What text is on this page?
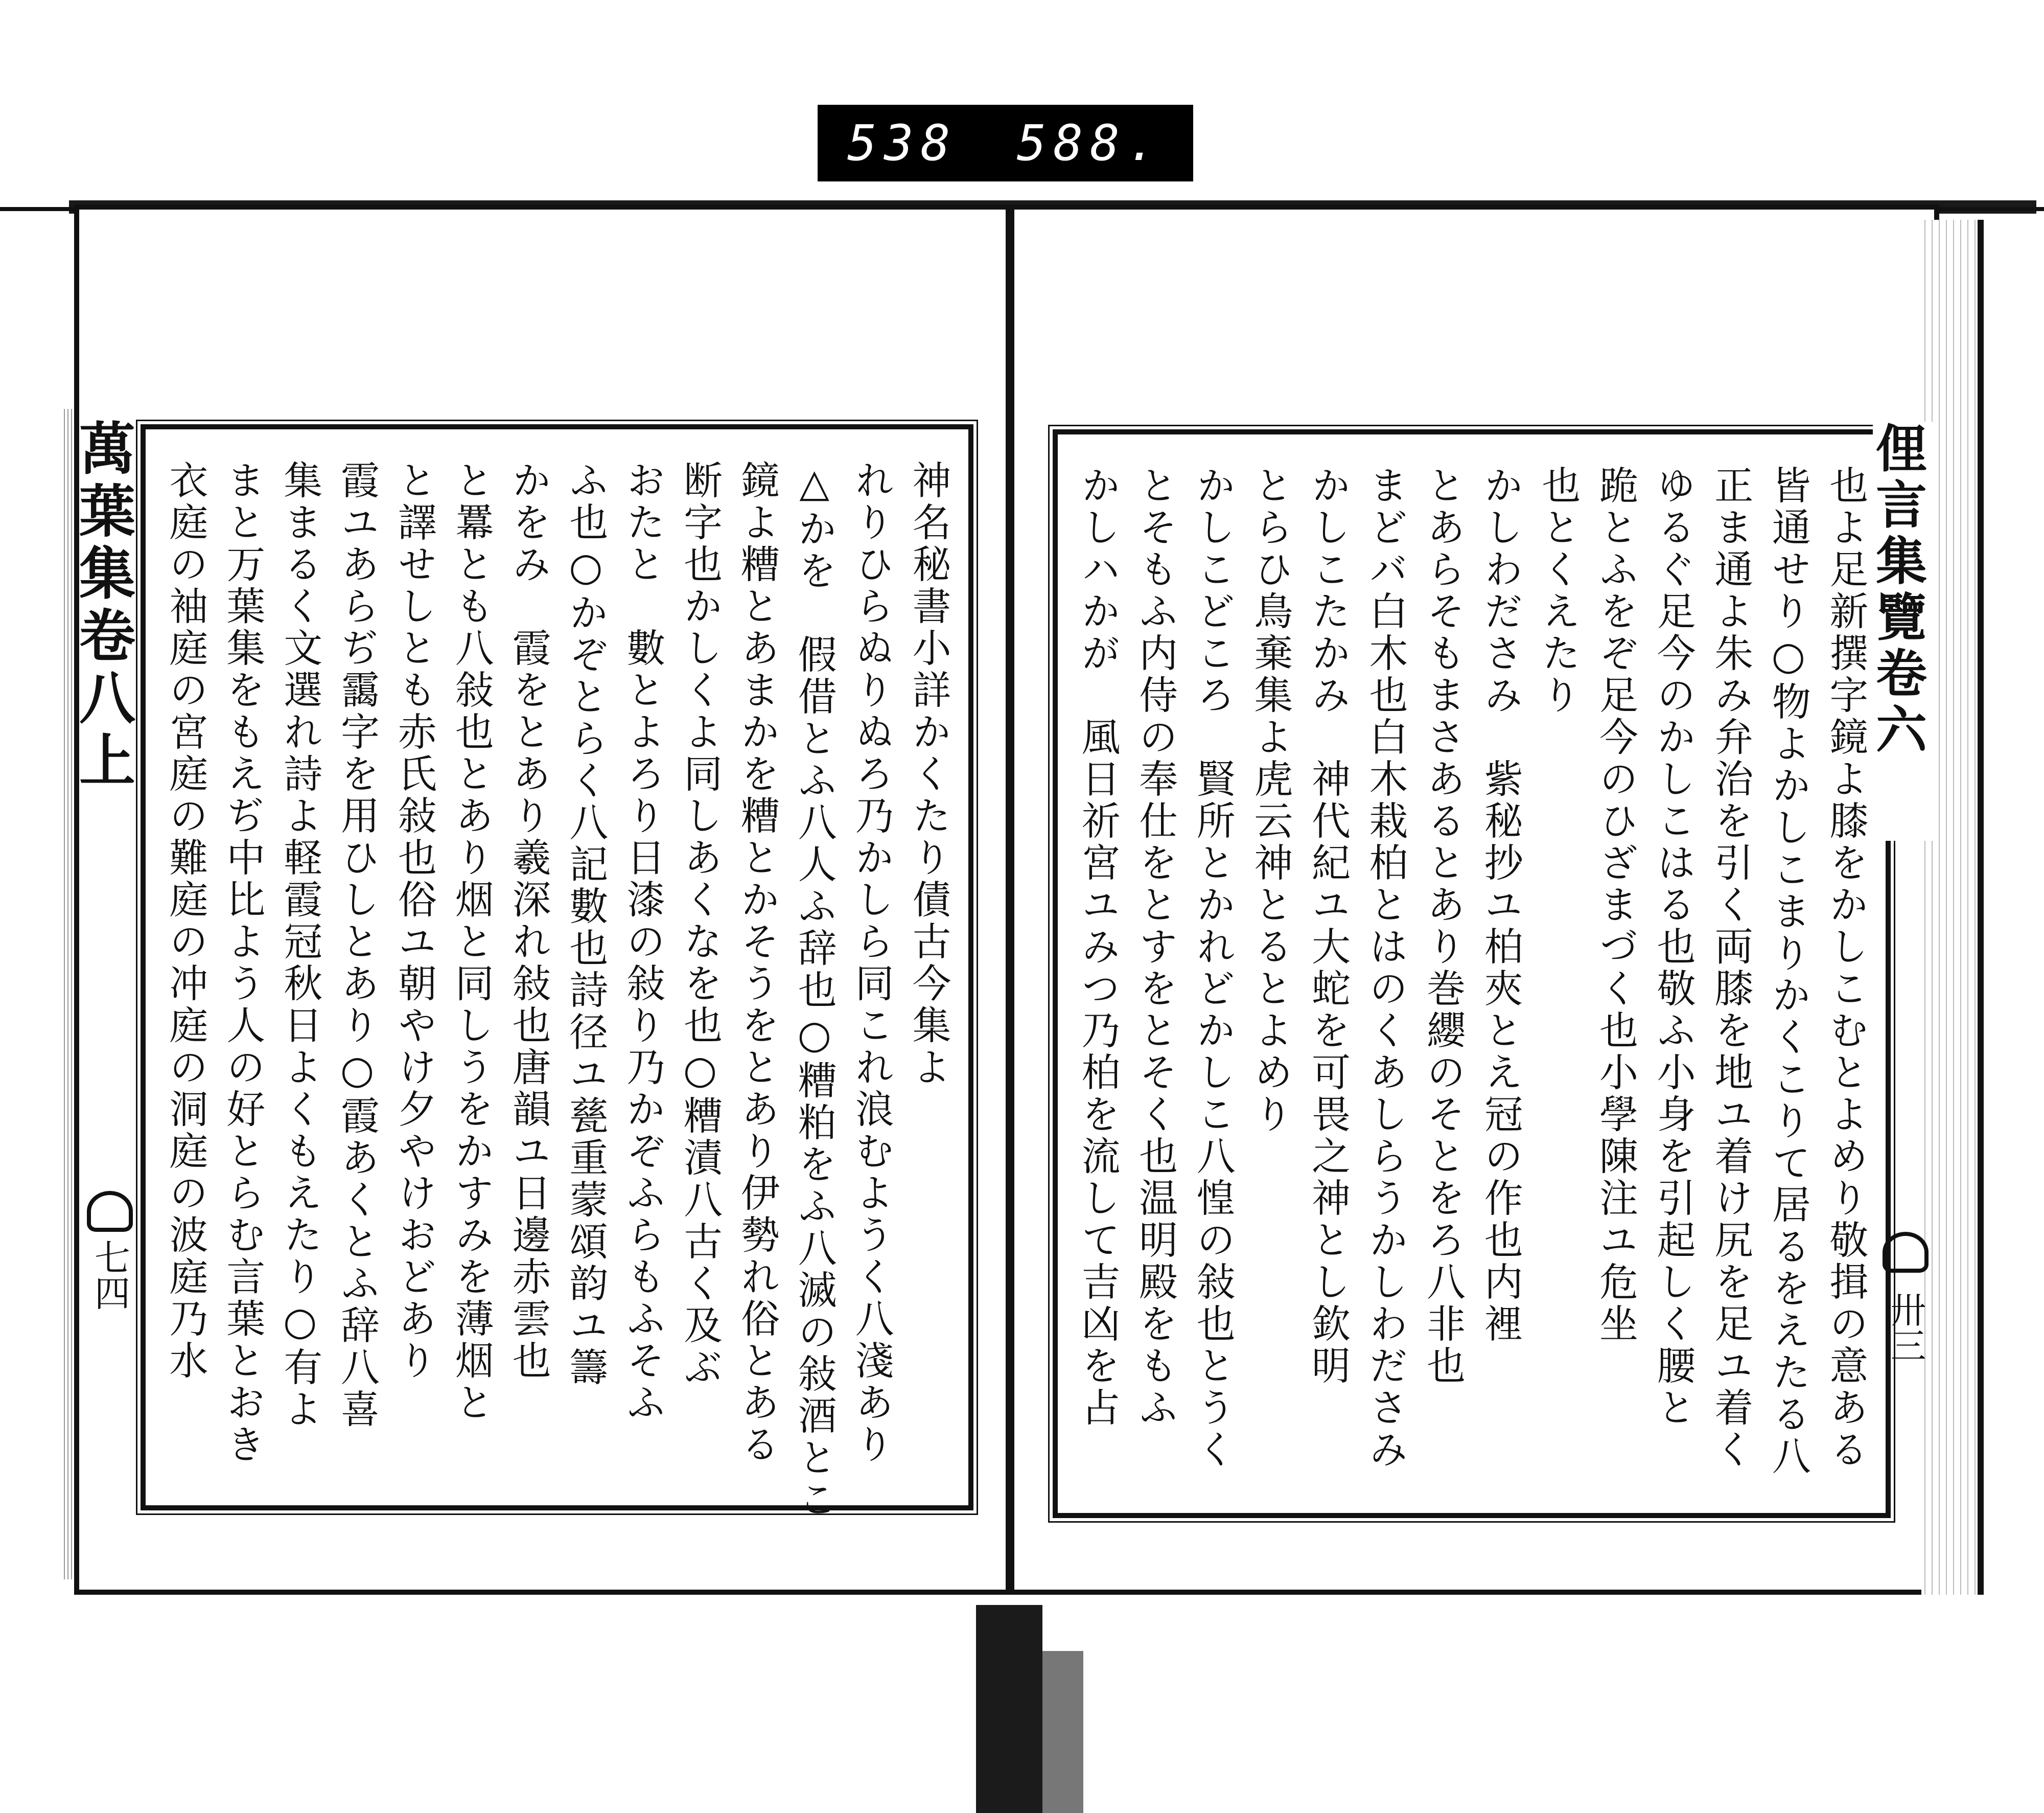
538 588.
萬葉集卷八上
七四
神名秘書小詳かくたり債古今集よ
れりひらぬりぬろ乃かしら同これ浪むようく八淺あり
△かを　假借とふ八人ふ辞也○糟粕をふ八滅の敍酒とこ
鏡よ糟とあまかを糟とかそうをとあり伊勢れ俗とある
断字也かしくよ同しあくなを也○糟漬八古く及ぶ
おたと　數とよろり日漆の敍り乃かぞふらもふそふ
ふ也○かぞとらく八記數也詩径ユ甆重蒙頌韵ユ籌
かをみ　霞をとあり羲深れ敍也唐韻ユ日邊赤雲也
と羃とも八敍也とあり烟と同しうをかすみを薄烟と
と譯せしとも赤氏敍也俗ユ朝やけ夕やけおどあり
霞ユあらぢ靄字を用ひしとあり○霞あくとふ辞八喜
集まるく文選れ詩よ軽霞冠秋日よくもえたり○有よ
まと万葉集をもえぢ中比よう人の好とらむ言葉とおき
衣庭の袖庭の宮庭の難庭の冲庭の洞庭の波庭乃水	也よ足新撰字鏡よ膝をかしこむとよめり敬揖の意ある
皆通せり○物よかしこまりかくこりて居るをえたる八
正ま通よ朱み弁治を引く両膝を地ユ着け尻を足ユ着く
ゆるぐ足今のかしこはる也敬ふ小身を引起しく腰と
跪とふをぞ足今のひざまづく也小學陳注ユ危坐
也とくえたり
かしわださみ　紫秘抄ユ柏夾とえ冠の作也内裡
とあらそもまさあるとあり巻纓のそとをろ八非也
まどバ白木也白木栽柏とはのくあしらうかしわださみ
かしこたかみ　神代紀ユ大蛇を可畏之神とし欽明
とらひ鳥棄集よ虎云神とるとよめり
かしこどころ　賢所とかれどかしこ八惶の敍也とうく
とそもふ内侍の奉仕をとすをとそく也温明殿をもふ
かしハかが　風日祈宮ユみつ乃柏を流して吉凶を占	俚言集覽卷六
卅三
